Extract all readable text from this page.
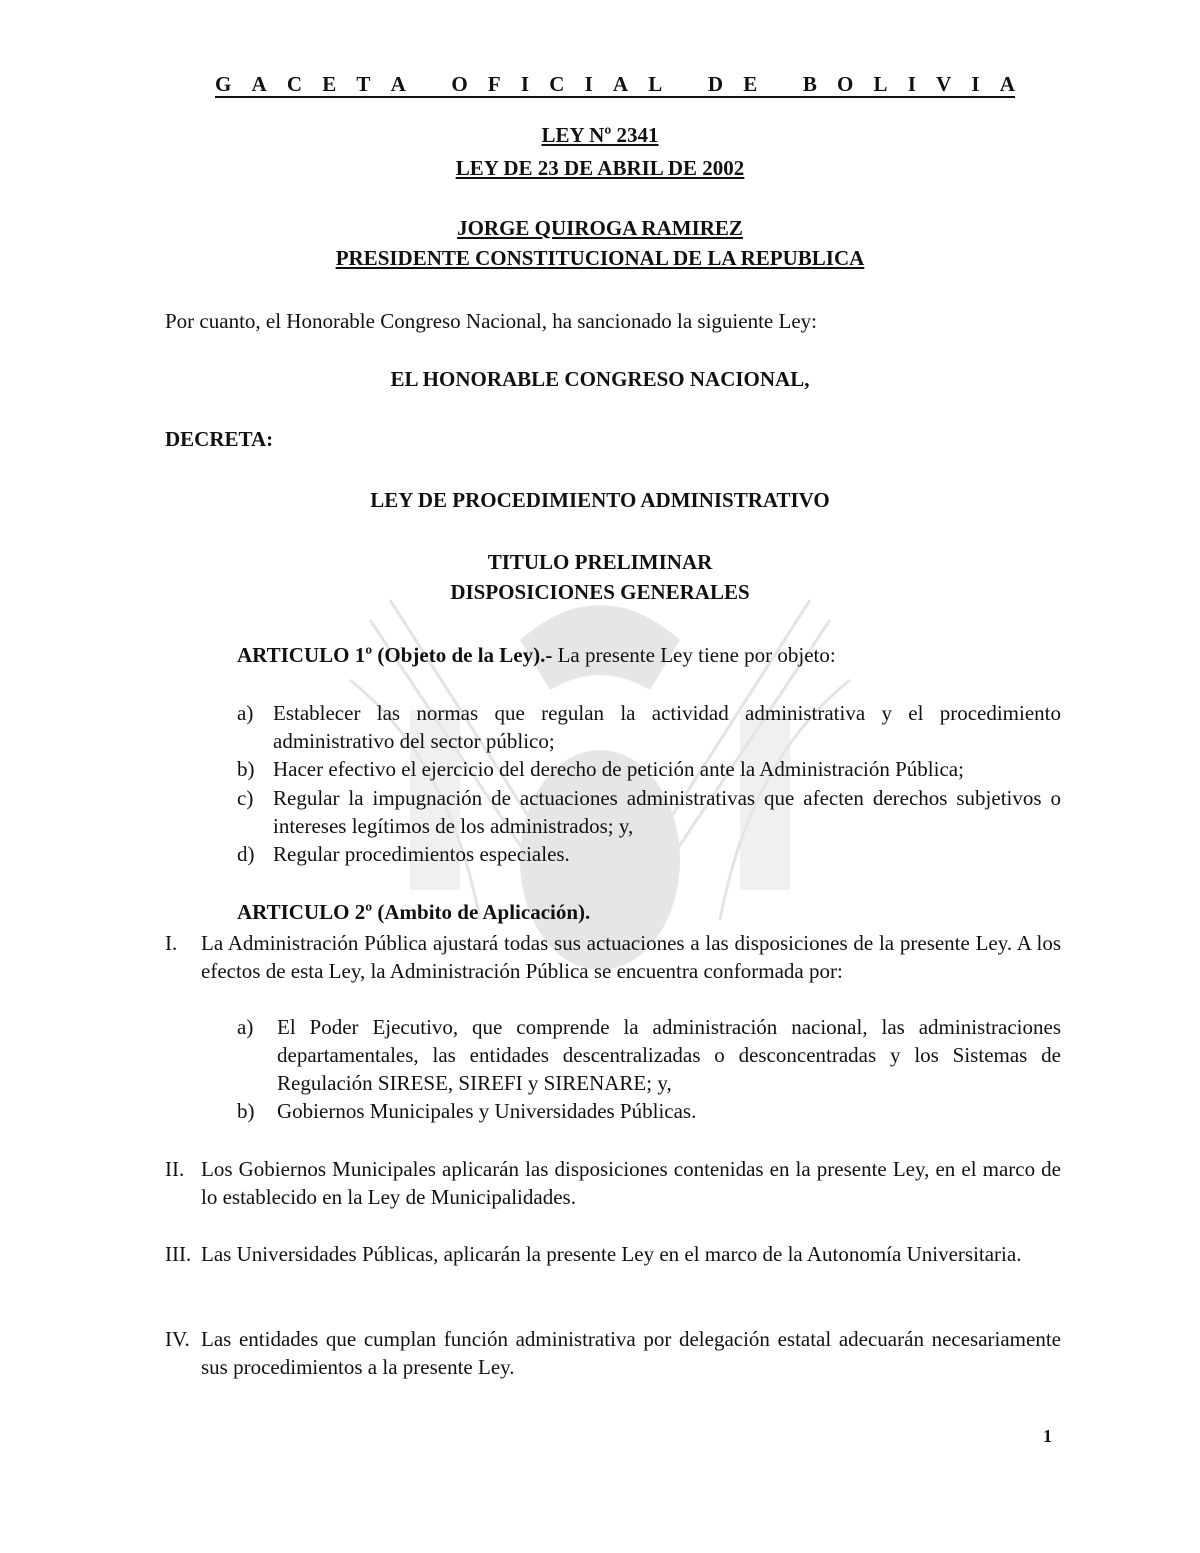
G A C E T A
O F I C I A L
D E
B O L I V I A
LEY Nº 2341
LEY DE 23 DE ABRIL DE 2002
JORGE QUIROGA RAMIREZ
PRESIDENTE CONSTITUCIONAL DE LA REPUBLICA
Por cuanto, el Honorable Congreso Nacional, ha sancionado la siguiente Ley:
EL HONORABLE CONGRESO NACIONAL,
DECRETA:
LEY DE PROCEDIMIENTO ADMINISTRATIVO
TITULO PRELIMINAR
DISPOSICIONES GENERALES
ARTICULO 1º (Objeto de la Ley).- La presente Ley tiene por objeto:
a) Establecer las normas que regulan la actividad administrativa y el procedimiento administrativo del sector público;
b) Hacer efectivo el ejercicio del derecho de petición ante la Administración Pública;
c) Regular la impugnación de actuaciones administrativas que afecten derechos subjetivos o intereses legítimos de los administrados; y,
d) Regular procedimientos especiales.
ARTICULO 2º (Ambito de Aplicación).
I. La Administración Pública ajustará todas sus actuaciones a las disposiciones de la presente Ley. A los efectos de esta Ley, la Administración Pública se encuentra conformada por:
a) El Poder Ejecutivo, que comprende la administración nacional, las administraciones departamentales, las entidades descentralizadas o desconcentradas y los Sistemas de Regulación SIRESE, SIREFI y SIRENARE; y,
b) Gobiernos Municipales y Universidades Públicas.
II. Los Gobiernos Municipales aplicarán las disposiciones contenidas en la presente Ley, en el marco de lo establecido en la Ley de Municipalidades.
III. Las Universidades Públicas, aplicarán la presente Ley en el marco de la Autonomía Universitaria.
IV. Las entidades que cumplan función administrativa por delegación estatal adecuarán necesariamente sus procedimientos a la presente Ley.
1
